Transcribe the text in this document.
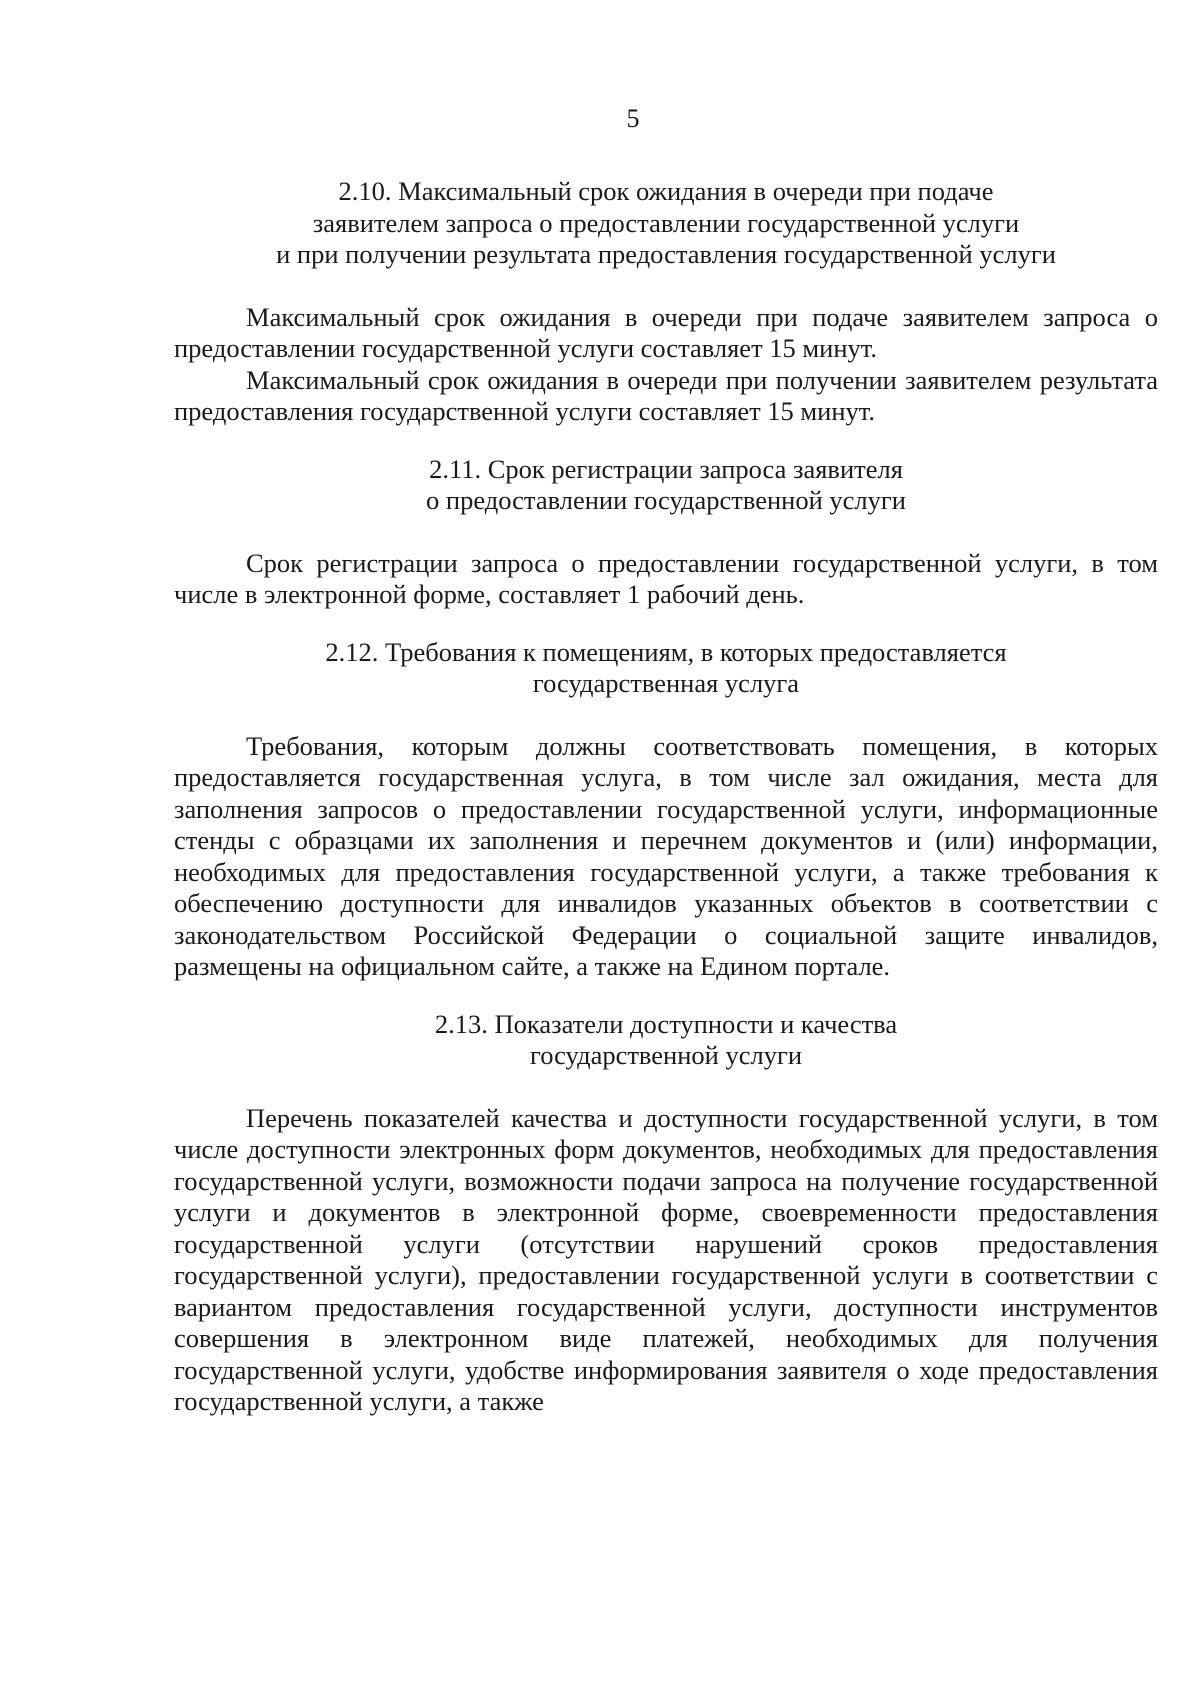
5
2.10. Максимальный срок ожидания в очереди при подаче
заявителем запроса о предоставлении государственной услуги
и при получении результата предоставления государственной услуги

Максимальный срок ожидания в очереди при подаче заявителем запроса о предоставлении государственной услуги составляет 15 минут.

Максимальный срок ожидания в очереди при получении заявителем результата предоставления государственной услуги составляет 15 минут.

2.11. Срок регистрации запроса заявителя
о предоставлении государственной услуги

Срок регистрации запроса о предоставлении государственной услуги, в том числе в электронной форме, составляет 1 рабочий день.

2.12. Требования к помещениям, в которых предоставляется
государственная услуга

Требования, которым должны соответствовать помещения, в которых предоставляется государственная услуга, в том числе зал ожидания, места для заполнения запросов о предоставлении государственной услуги, информационные стенды с образцами их заполнения и перечнем документов и (или) информации, необходимых для предоставления государственной услуги, а также требования к обеспечению доступности для инвалидов указанных объектов в соответствии с законодательством Российской Федерации о социальной защите инвалидов, размещены на официальном сайте, а также на Едином портале.

2.13. Показатели доступности и качества
государственной услуги

Перечень показателей качества и доступности государственной услуги, в том числе доступности электронных форм документов, необходимых для предоставления государственной услуги, возможности подачи запроса на получение государственной услуги и документов в электронной форме, своевременности предоставления государственной услуги (отсутствии нарушений сроков предоставления государственной услуги), предоставлении государственной услуги в соответствии с вариантом предоставления государственной услуги, доступности инструментов совершения в электронном виде платежей, необходимых для получения государственной услуги, удобстве информирования заявителя о ходе предоставления государственной услуги, а также
